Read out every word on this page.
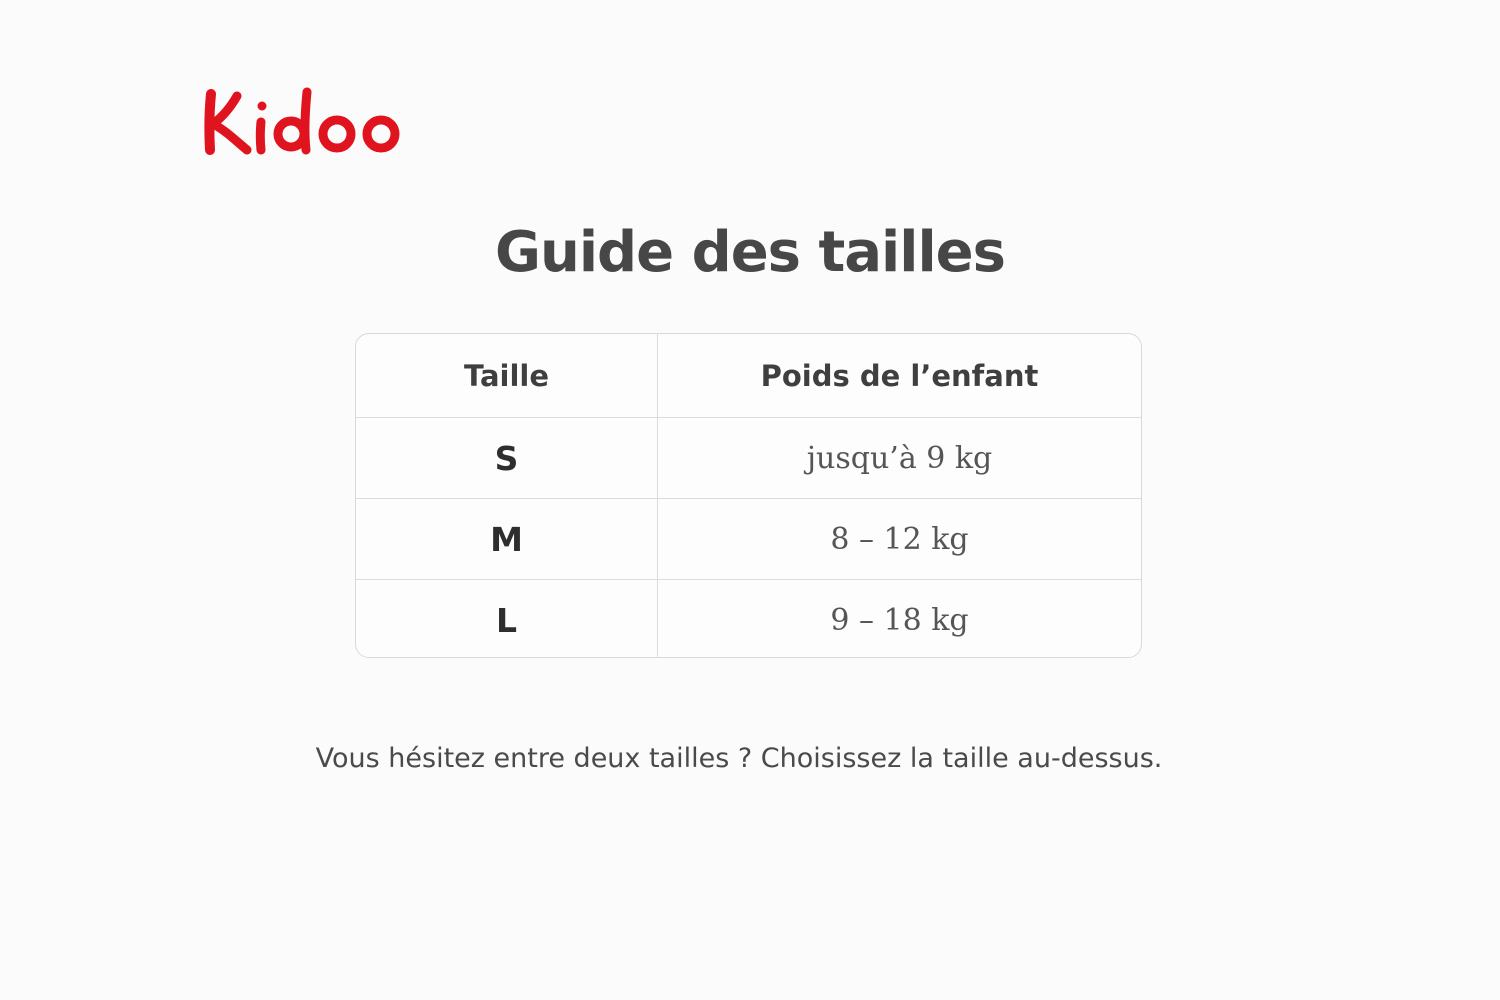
Guide des tailles
Taille	Poids de l’enfant
S	jusqu’à 9 kg
M	8 – 12 kg
L	9 – 18 kg

Vous hésitez entre deux tailles ? Choisissez la taille au-dessus.
